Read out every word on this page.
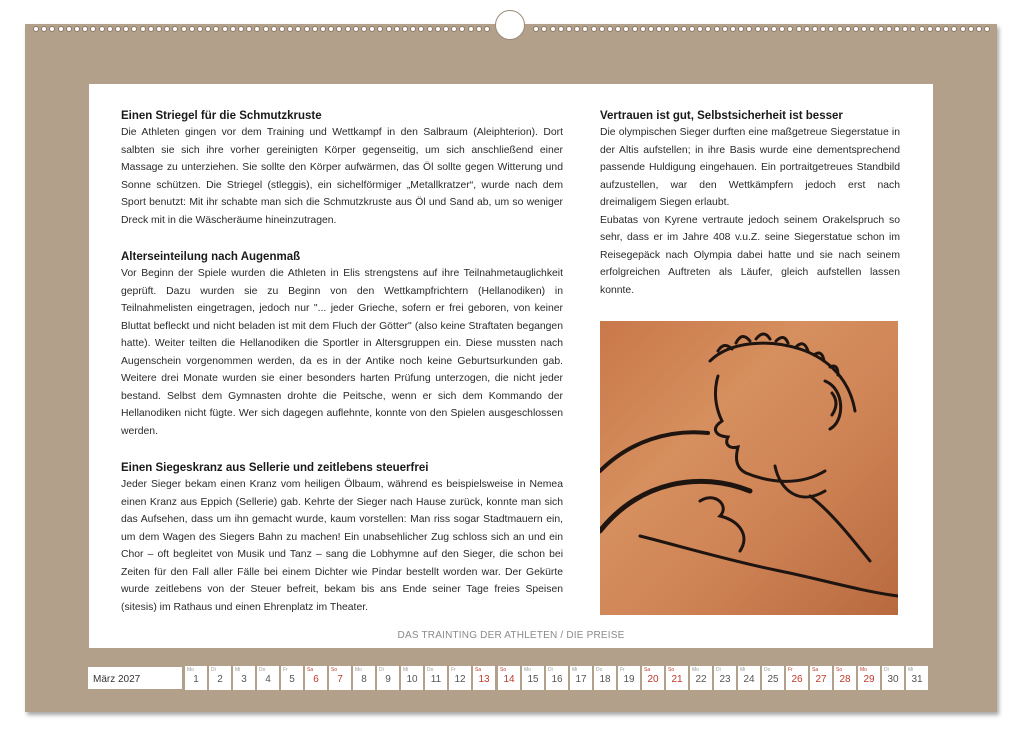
Einen Striegel für die Schmutzkruste

Die Athleten gingen vor dem Training und Wettkampf in den Salbraum (Aleiphterion). Dort salbten sie sich ihre vorher gereinigten Körper gegenseitig, um sich anschließend einer Massage zu unterziehen. Sie sollte den Körper aufwärmen, das Öl sollte gegen Witterung und Sonne schützen. Die Striegel (stleggis), ein sichelförmiger „Metallkratzer“, wurde nach dem Sport benutzt: Mit ihr schabte man sich die Schmutzkruste aus Öl und Sand ab, um so weniger Dreck mit in die Wäscheräume hineinzutragen.

Alterseinteilung nach Augenmaß

Vor Beginn der Spiele wurden die Athleten in Elis strengstens auf ihre Teilnahmetauglichkeit geprüft. Dazu wurden sie zu Beginn von den Wettkampfrichtern (Hellanodiken) in Teilnahmelisten eingetragen, jedoch nur "... jeder Grieche, sofern er frei geboren, von keiner Bluttat befleckt und nicht beladen ist mit dem Fluch der Götter" (also keine Straftaten begangen hatte). Weiter teilten die Hellanodiken die Sportler in Altersgruppen ein. Diese mussten nach Augenschein vorgenommen werden, da es in der Antike noch keine Geburtsurkunden gab. Weitere drei Monate wurden sie einer besonders harten Prüfung unterzogen, die nicht jeder bestand. Selbst dem Gymnasten drohte die Peitsche, wenn er sich dem Kommando der Hellanodiken nicht fügte. Wer sich dagegen auflehnte, konnte von den Spielen ausgeschlossen werden.

Einen Siegeskranz aus Sellerie und zeitlebens steuerfrei

Jeder Sieger bekam einen Kranz vom heiligen Ölbaum, während es beispielsweise in Nemea einen Kranz aus Eppich (Sellerie) gab. Kehrte der Sieger nach Hause zurück, konnte man sich das Aufsehen, dass um ihn gemacht wurde, kaum vorstellen: Man riss sogar Stadtmauern ein, um dem Wagen des Siegers Bahn zu machen! Ein unabsehlicher Zug schloss sich an und ein Chor – oft begleitet von Musik und Tanz – sang die Lobhymne auf den Sieger, die schon bei Zeiten für den Fall aller Fälle bei einem Dichter wie Pindar bestellt worden war. Der Gekürte wurde zeitlebens von der Steuer befreit, bekam bis ans Ende seiner Tage freies Speisen (sitesis) im Rathaus und einen Ehrenplatz im Theater.

Vertrauen ist gut, Selbstsicherheit ist besser

Die olympischen Sieger durften eine maßgetreue Siegerstatue in der Altis aufstellen; in ihre Basis wurde eine dementsprechend passende Huldigung eingehauen. Ein portraitgetreues Standbild aufzustellen, war den Wettkämpfern jedoch erst nach dreimaligem Siegen erlaubt.

Eubatas von Kyrene vertraute jedoch seinem Orakelspruch so sehr, dass er im Jahre 408 v.u.Z. seine Siegerstatue schon im Reisegepäck nach Olympia dabei hatte und sie nach seinem erfolgreichen Auftreten als Läufer, gleich aufstellen lassen konnte.

DAS TRAINTING DER ATHLETEN / DIE PREISE
März 2027
Mo
1
Di
2
Mi
3
Do
4
Fr
5
Sa
6
So
7
Mo
8
Di
9
Mi
10
Do
11
Fr
12
Sa
13
So
14
Mo
15
Di
16
Mi
17
Do
18
Fr
19
Sa
20
So
21
Mo
22
Di
23
Mi
24
Do
25
Fr
26
Sa
27
So
28
Mo
29
Di
30
Mi
31
